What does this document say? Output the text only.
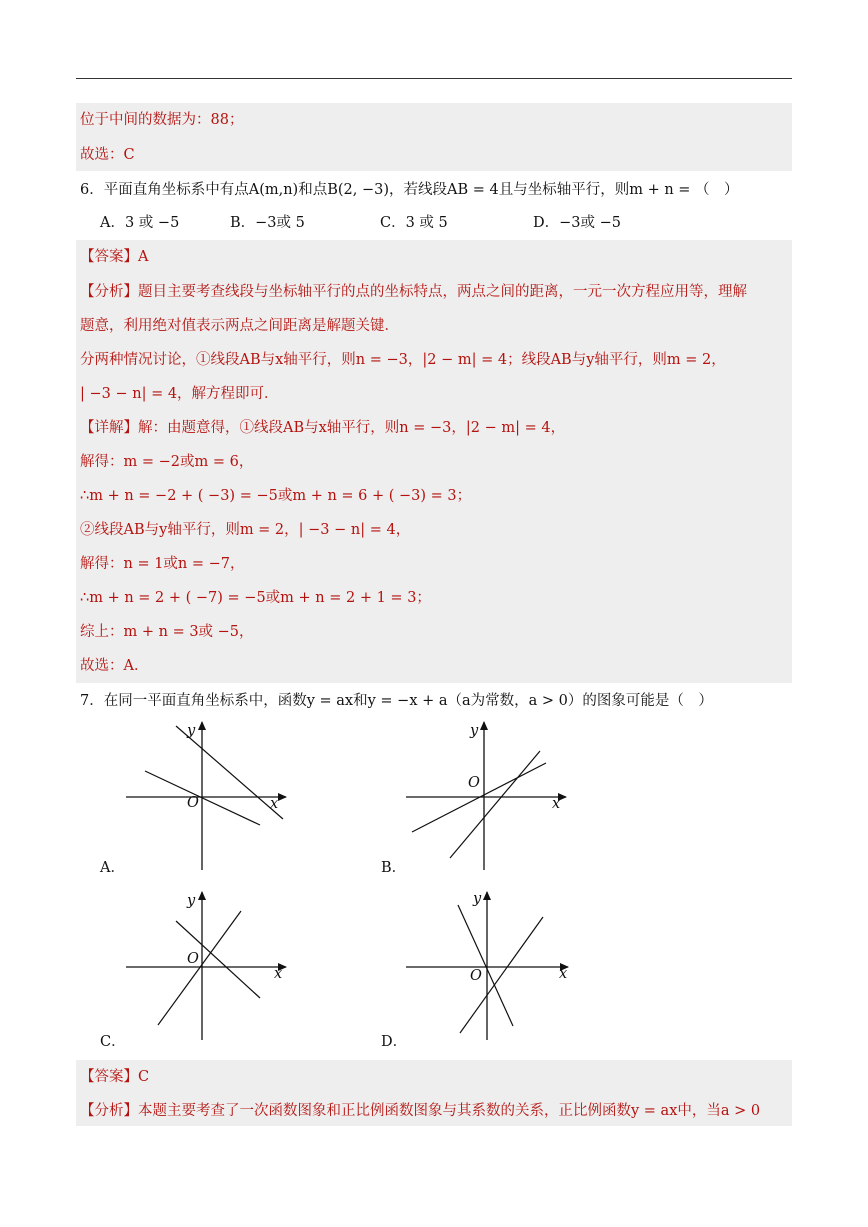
位于中间的数据为：88；
故选：C
6．平面直角坐标系中有点A(m,n)和点B(2, −3)，若线段AB = 4且与坐标轴平行，则m + n = （　）
A．3 或 −5	B．−3或 5	C．3 或 5	D．−3或 −5
【答案】A
【分析】题目主要考查线段与坐标轴平行的点的坐标特点，两点之间的距离，一元一次方程应用等，理解
题意，利用绝对值表示两点之间距离是解题关键．
分两种情况讨论，①线段AB与x轴平行，则n = −3，|2 − m| = 4；线段AB与y轴平行，则m = 2，
| −3 − n| = 4，解方程即可．
【详解】解：由题意得，①线段AB与x轴平行，则n = −3，|2 − m| = 4，
解得：m = −2或m = 6，
∴m + n = −2 + ( −3) = −5或m + n = 6 + ( −3) = 3；
②线段AB与y轴平行，则m = 2，| −3 − n| = 4，
解得：n = 1或n = −7，
∴m + n = 2 + ( −7) = −5或m + n = 2 + 1 = 3；
综上：m + n = 3或 −5，
故选：A．
7．在同一平面直角坐标系中，函数y = ax和y = −x + a（a为常数，a > 0）的图象可能是（　）
y
x
O
A．
y
x
O
B．
y
x
O
C．
y
x
O
D．
【答案】C
【分析】本题主要考查了一次函数图象和正比例函数图象与其系数的关系，正比例函数y = ax中，当a > 0
